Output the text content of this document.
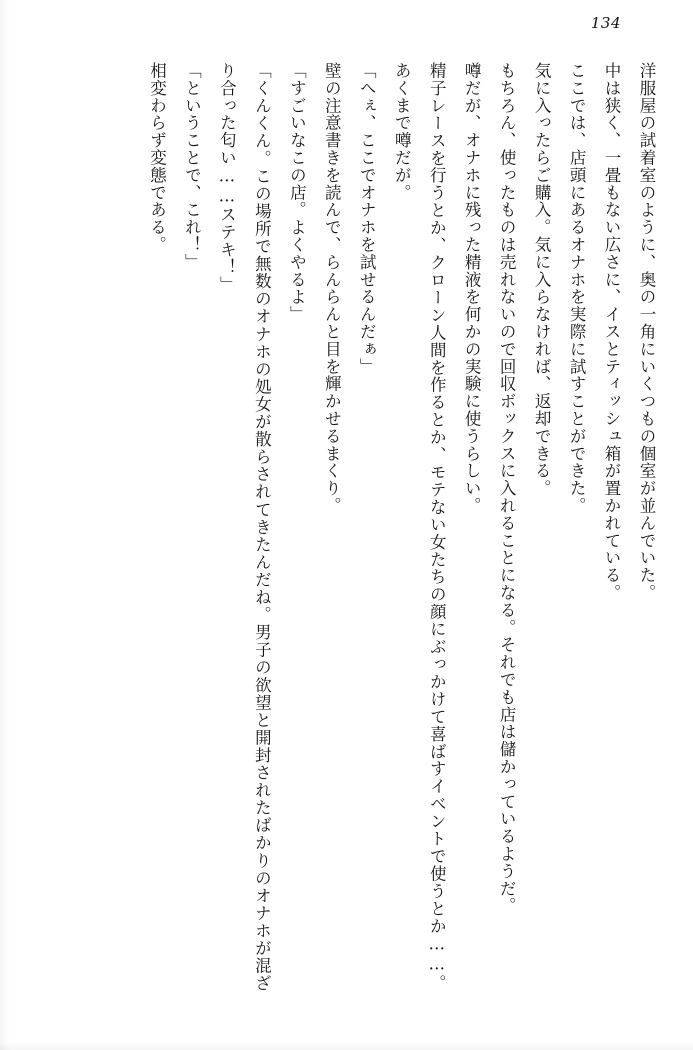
134

洋服屋の試着室のように、奥の一角にいくつもの個室が並んでいた。

中は狭く、一畳もない広さに、イスとティッシュ箱が置かれている。

ここでは、店頭にあるオナホを実際に試すことができた。

気に入ったらご購入。気に入らなければ、返却できる。

もちろん、使ったものは売れないので回収ボックスに入れることになる。それでも店は儲かっているようだ。

噂だが、オナホに残った精液を何かの実験に使うらしい。

精子レースを行うとか、クローン人間を作るとか、モテない女たちの顔にぶっかけて喜ばすイベントで使うとか……。あくまで噂だが。

「へぇ、ここでオナホを試せるんだぁ」

壁の注意書きを読んで、らんらんと目を輝かせるまくり。

「すごいなこの店。よくやるよ」

「くんくん。この場所で無数のオナホの処女が散らされてきたんだね。男子の欲望と開封されたばかりのオナホが混ざり合った匂い……ステキ！」

「ということで、これ！」

相変わらず変態である。
